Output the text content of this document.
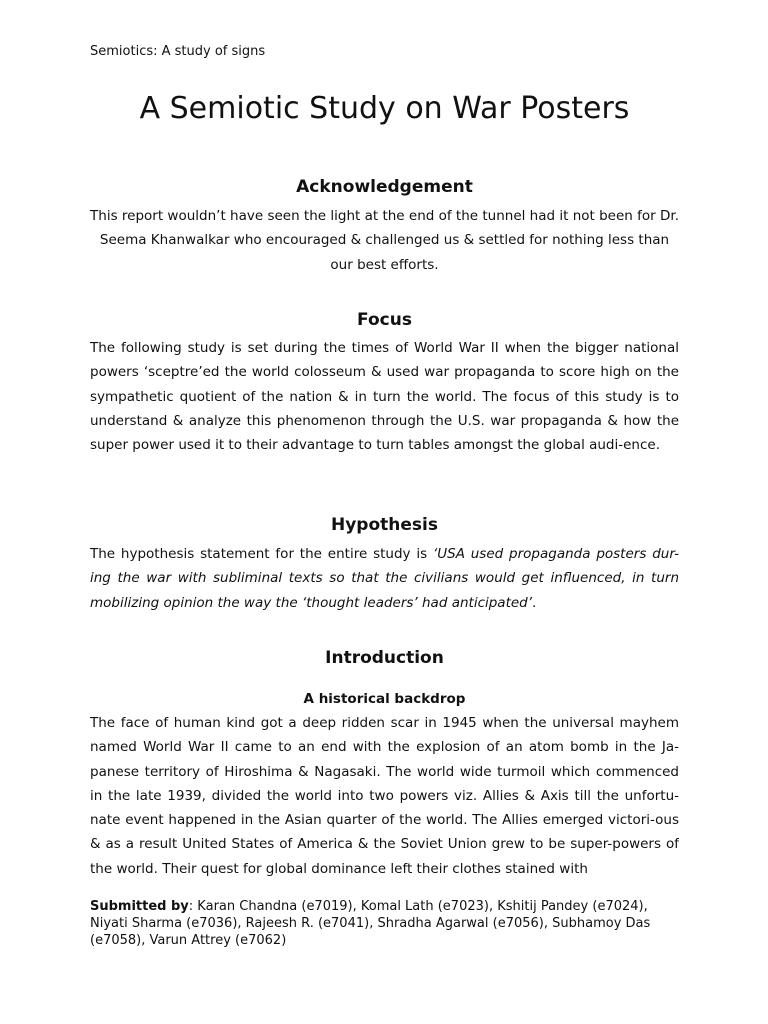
Semiotics: A study of signs
A Semiotic Study on War Posters
Acknowledgement

This report wouldn’t have seen the light at the end of the tunnel had it not been for Dr. Seema Khanwalkar who encouraged & challenged us & settled for nothing less than our best efforts.

Focus

The following study is set during the times of World War II when the bigger national powers ‘sceptre’ed the world colosseum & used war propaganda to score high on the sympathetic quotient of the nation & in turn the world. The focus of this study is to understand & analyze this phenomenon through the U.S. war propaganda & how the super power used it to their advantage to turn tables amongst the global audi-ence.

Hypothesis

The hypothesis statement for the entire study is ‘USA used propaganda posters dur-ing the war with subliminal texts so that the civilians would get influenced, in turn mobilizing opinion the way the ‘thought leaders’ had anticipated’.

Introduction
A historical backdrop

The face of human kind got a deep ridden scar in 1945 when the universal mayhem named World War II came to an end with the explosion of an atom bomb in the Ja-panese territory of Hiroshima & Nagasaki. The world wide turmoil which commenced in the late 1939, divided the world into two powers viz. Allies & Axis till the unfortu-nate event happened in the Asian quarter of the world. The Allies emerged victori-ous & as a result United States of America & the Soviet Union grew to be super-powers of the world. Their quest for global dominance left their clothes stained with

Submitted by: Karan Chandna (e7019), Komal Lath (e7023), Kshitij Pandey (e7024), Niyati Sharma (e7036), Rajeesh R. (e7041), Shradha Agarwal (e7056), Subhamoy Das (e7058), Varun Attrey (e7062)
